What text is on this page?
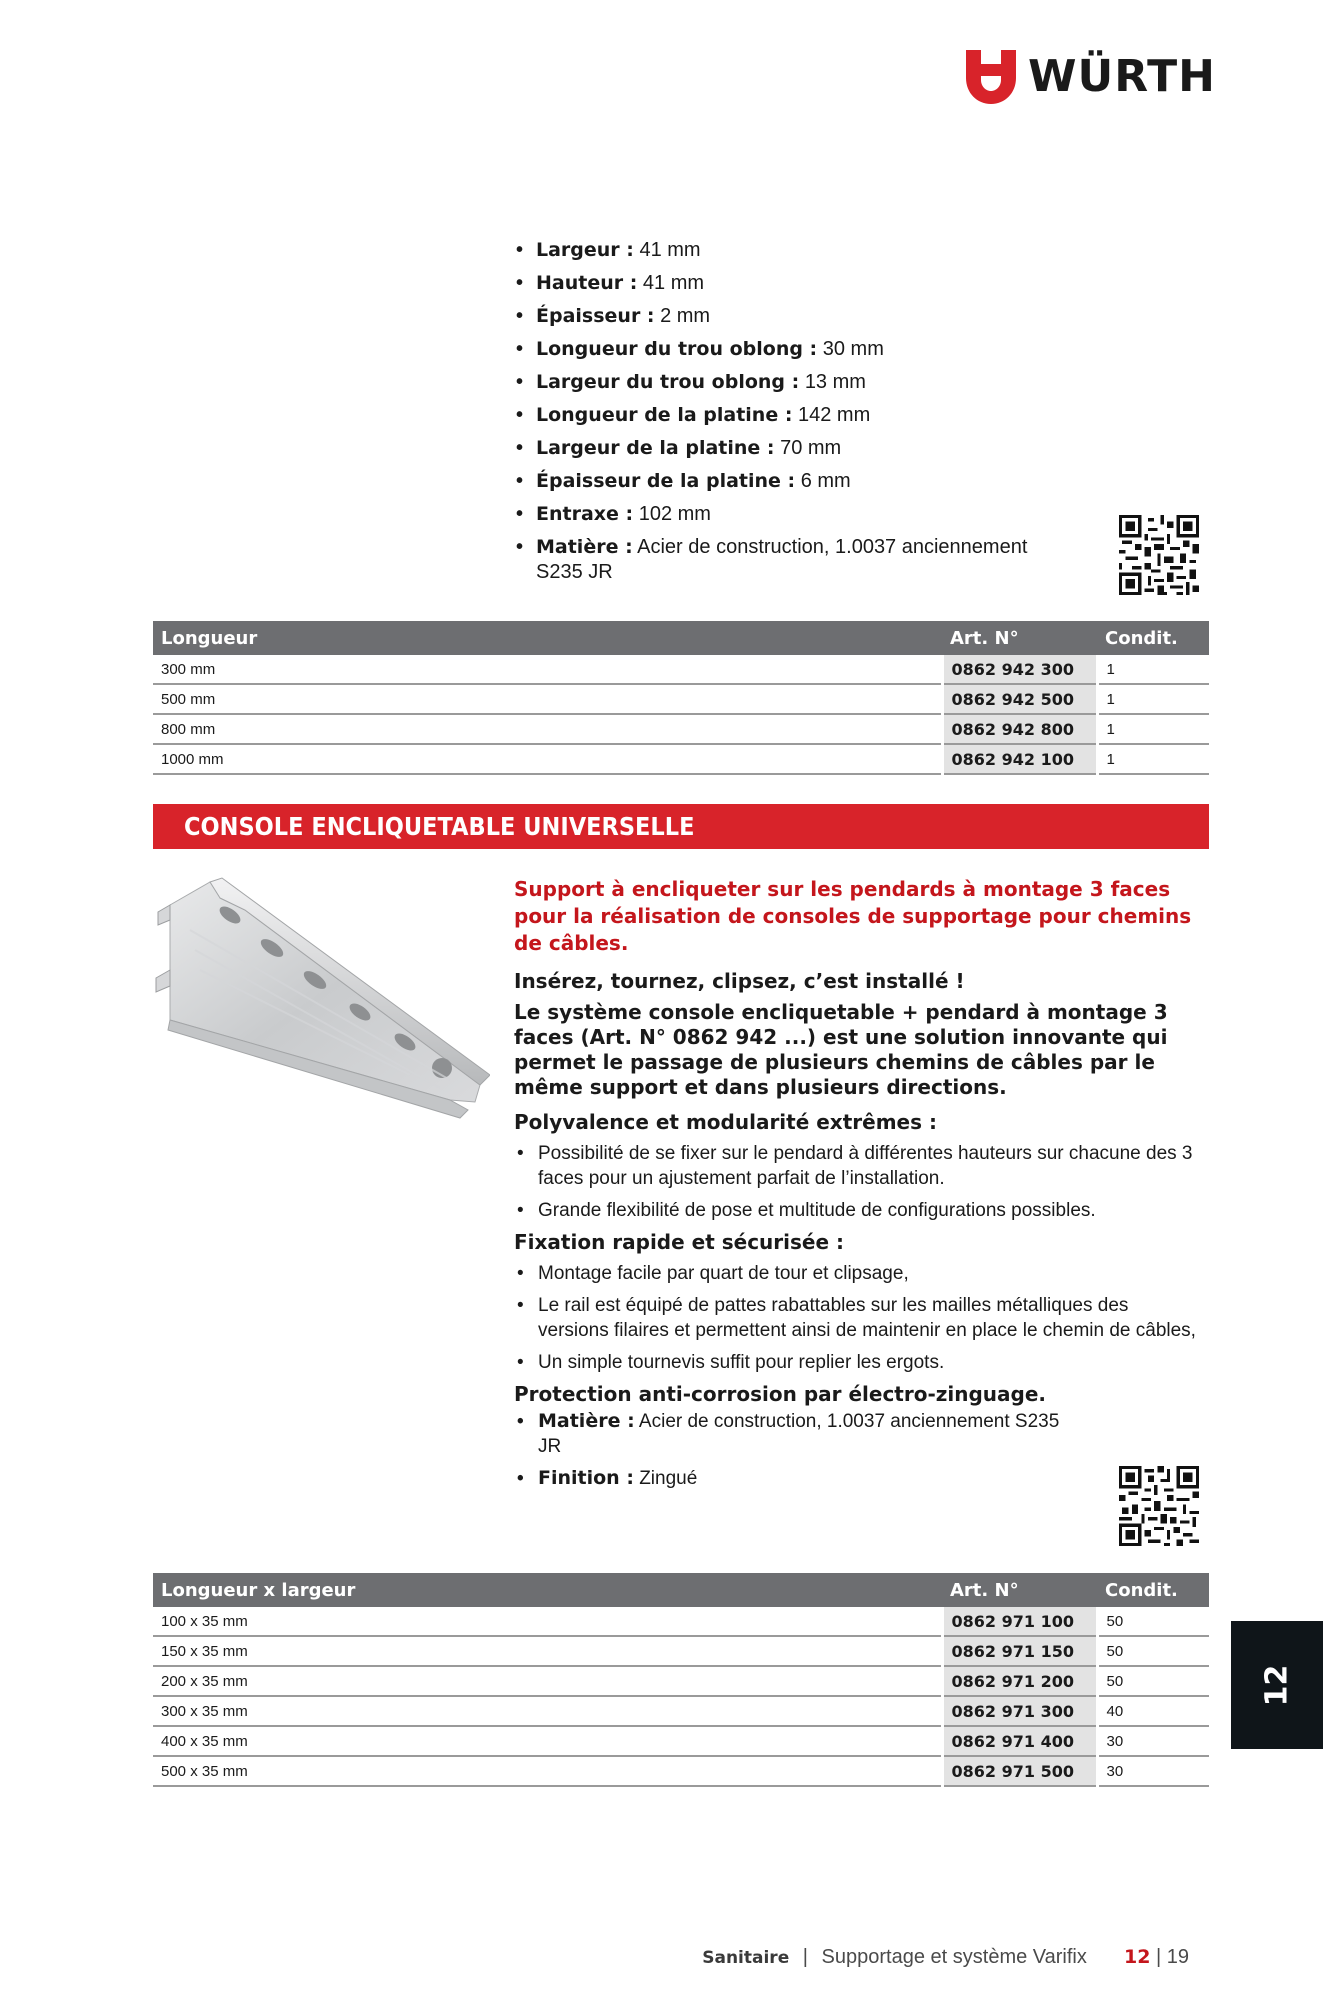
WÜRTH
• Largeur : 41 mm
• Hauteur : 41 mm
• Épaisseur : 2 mm
• Longueur du trou oblong : 30 mm
• Largeur du trou oblong : 13 mm
• Longueur de la platine : 142 mm
• Largeur de la platine : 70 mm
• Épaisseur de la platine : 6 mm
• Entraxe : 102 mm
• Matière : Acier de construction, 1.0037 anciennement S235 JR
Longueur	Art. N°	Condit.
300 mm	0862 942 300	1
500 mm	0862 942 500	1
800 mm	0862 942 800	1
1000 mm	0862 942 100	1
CONSOLE ENCLIQUETABLE UNIVERSELLE

Support à encliqueter sur les pendards à montage 3 faces pour la réalisation de consoles de supportage pour chemins de câbles.

Insérez, tournez, clipsez, c’est installé !

Le système console encliquetable + pendard à montage 3 faces (Art. N° 0862 942 ...) est une solution innovante qui permet le passage de plusieurs chemins de câbles par le même support et dans plusieurs directions.

Polyvalence et modularité extrêmes :

• Possibilité de se fixer sur le pendard à différentes hauteurs sur chacune des 3 faces pour un ajustement parfait de l’installation.
• Grande flexibilité de pose et multitude de configurations possibles.

Fixation rapide et sécurisée :

• Montage facile par quart de tour et clipsage,
• Le rail est équipé de pattes rabattables sur les mailles métalliques des versions filaires et permettent ainsi de maintenir en place le chemin de câbles,
• Un simple tournevis suffit pour replier les ergots.

Protection anti-corrosion par électro-zinguage.

• Matière : Acier de construction, 1.0037 anciennement S235 JR
• Finition : Zingué
Longueur x largeur	Art. N°	Condit.
100 x 35 mm	0862 971 100	50
150 x 35 mm	0862 971 150	50
200 x 35 mm	0862 971 200	50
300 x 35 mm	0862 971 300	40
400 x 35 mm	0862 971 400	30
500 x 35 mm	0862 971 500	30
12
Sanitaire | Supportage et système Varifix 12 | 19
